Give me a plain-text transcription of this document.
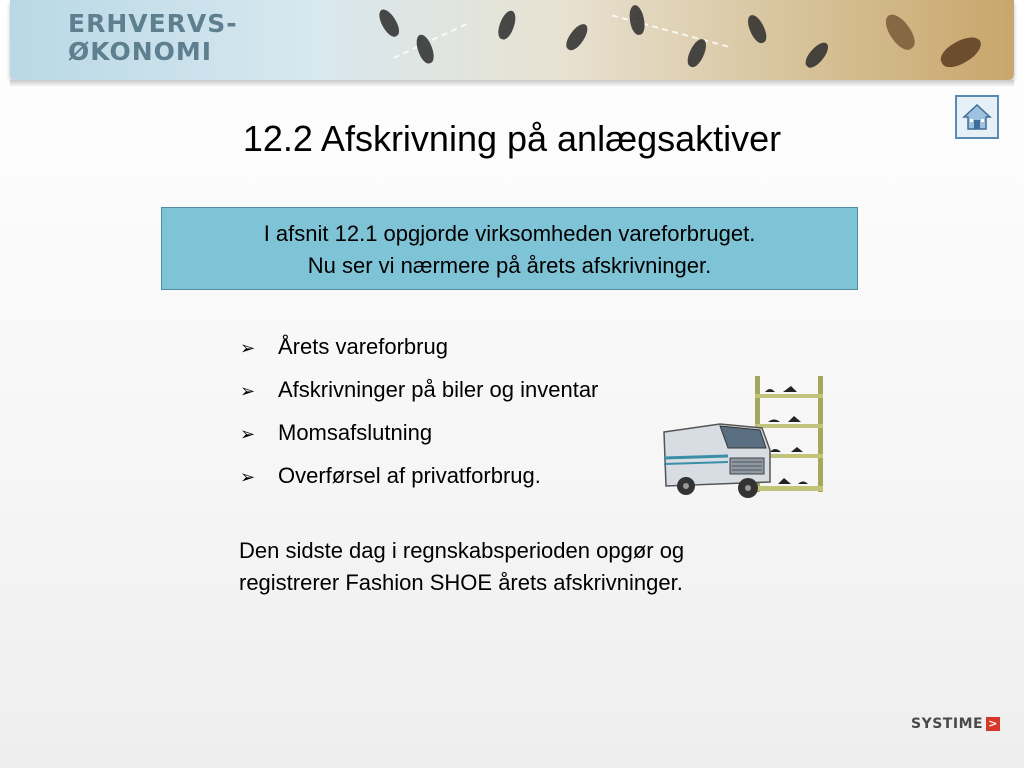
ERHVERVS-
ØKONOMI
12.2 Afskrivning på anlægsaktiver
I afsnit 12.1 opgjorde virksomheden vareforbruget.
Nu ser vi nærmere på årets afskrivninger.
➢ Årets vareforbrug
➢ Afskrivninger på biler og inventar
➢ Momsafslutning
➢ Overførsel af privatforbrug.
Den sidste dag i regnskabsperioden opgør og
registrerer Fashion SHOE årets afskrivninger.
SYSTIME >
